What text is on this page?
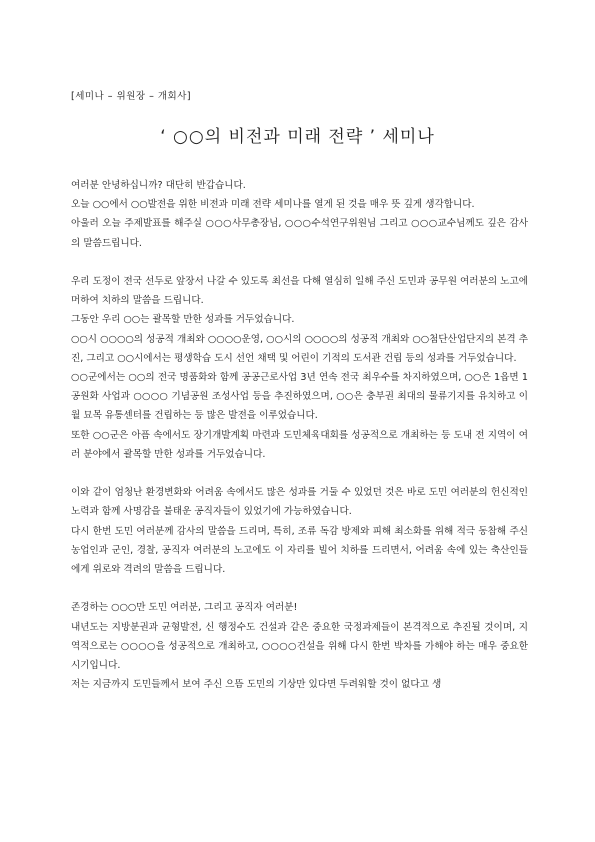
[세미나 – 위원장 – 개회사]
‘ ○○의 비전과 미래 전략 ’ 세미나

여러분 안녕하십니까? 대단히 반갑습니다.

오늘 ○○에서 ○○발전을 위한 비전과 미래 전략 세미나를 열게 된 것을 매우 뜻 깊게 생각합니다.

아울러 오늘 주제발표를 해주실 ○○○사무총장님, ○○○수석연구위원님 그리고 ○○○교수님께도 깊은 감사의 말씀드립니다.

우리 도정이 전국 선두로 앞장서 나갈 수 있도록 최선을 다해 열심히 일해 주신 도민과 공무원 여러분의 노고에 머하여 치하의 말씀을 드립니다.

그동안 우리 ○○는 괄목할 만한 성과를 거두었습니다.

○○시 ○○○○의 성공적 개최와 ○○○○운영, ○○시의 ○○○○의 성공적 개최와 ○○첨단산업단지의 본격 추진, 그리고 ○○시에서는 평생학습 도시 선언 채택 및 어린이 기적의 도서관 건립 등의 성과를 거두었습니다.

○○군에서는 ○○의 전국 명품화와 함께 공공근로사업 3년 연속 전국 최우수를 차지하였으며, ○○은 1읍면 1공원화 사업과 ○○○○ 기념공원 조성사업 등을 추진하였으며, ○○은 충부권 최대의 물류기지를 유치하고 이월 묘목 유통센터를 건립하는 등 많은 발전을 이루었습니다.

또한 ○○군은 아픔 속에서도 장기개발계획 마련과 도민체육대회를 성공적으로 개최하는 등 도내 전 지역이 여러 분야에서 괄목할 만한 성과를 거두었습니다.

이와 같이 엄청난 환경변화와 어려움 속에서도 많은 성과를 거둘 수 있었던 것은 바로 도민 여러분의 헌신적인 노력과 함께 사명감을 불태운 공직자들이 있었기에 가능하였습니다.

다시 한번 도민 여러분께 감사의 말씀을 드리며, 특히, 조류 독감 방제와 피해 최소화를 위해 적극 동참해 주신 농업인과 군인, 경찰, 공직자 여러분의 노고에도 이 자리를 빌어 치하를 드리면서, 어려움 속에 있는 축산인들에게 위로와 격려의 말씀을 드립니다.

존경하는 ○○○만 도민 여러분, 그리고 공직자 여러분!

내년도는 지방분권과 균형발전, 신 행정수도 건설과 같은 중요한 국정과제들이 본격적으로 추진될 것이며, 지역적으로는 ○○○○을 성공적으로 개최하고, ○○○○건설을 위해 다시 한번 박차를 가해야 하는 매우 중요한 시기입니다.

저는 지금까지 도민들께서 보여 주신 으뜸 도민의 기상만 있다면 두려워할 것이 없다고 생
